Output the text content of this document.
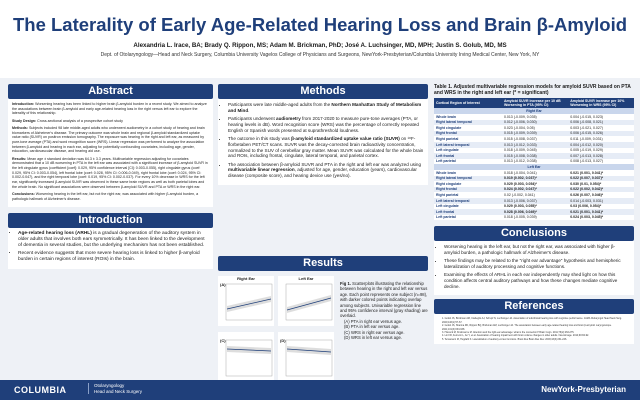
The Laterality of Early Age-Related Hearing Loss and Brain β-Amyloid
Alexandria L. Irace, BA; Brady Q. Rippon, MS; Adam M. Brickman, PhD; José A. Luchsinger, MD, MPH; Justin S. Golub, MD, MS
Dept. of Otolaryngology—Head and Neck Surgery, Columbia University Vagelos College of Physicians and Surgeons, NewYork-Presbyterian/Columbia University Irving Medical Center, New York, NY
Abstract

Introduction: Worsening hearing has been linked to higher brain β-amyloid burden in a recent study. We aimed to analyze the associations between brain β-amyloid and early age-related hearing loss in the right versus left ear to explore the laterality of this relationship.

Study Design: Cross-sectional analysis of a prospective cohort study

Methods: Subjects included 98 late middle-aged adults who underwent audiometry in a cohort study of hearing and brain biomarkers of Alzheimer's disease. The primary outcome was whole brain and regional β-amyloid standardized uptake value ratio (SUVR) on positron emission tomography. The exposure was hearing in the right and left ear, as measured by pure-tone average (PTA) and word recognition score (WRS). Linear regression was performed to analyze the association between β-amyloid and hearing in each ear, adjusting for potentially confounding covariates, including age, gender, education, cardiovascular disease, and hearing aid use.

Results: Mean age ± standard deviation was 64.3 ± 3.3 years. Multivariable regression adjusting for covariates demonstrated that a 10 dB worsening in PTA in the left ear was associated with a significant increase of β-amyloid SUVR in the left cingulate gyrus (coefficient [coef]: 0.029, 95% confidence interval [CI]: 0.003-0.055), right cingulate gyrus (coef: 0.029, 95% CI: 0.003-0.054), left frontal lobe (coef: 0.028, 95% CI: 0.006-0.049), right frontal lobe (coef: 0.024, 95% CI: 0.002-0.047), and the right temporal lobe (coef: 0.019, 95% CI: 0.002-0.037). For every 10% decrease in WRS for the left ear, significantly increased β-amyloid SUVR was observed in these same brain regions as well as both parietal lobes and the whole brain. No significant associations were observed between β-amyloid SUVR and PTA or WRS in the right ear.

Conclusions: Worsening hearing in the left ear, but not the right ear, was associated with higher β-amyloid burden, a pathologic hallmark of Alzheimer's disease.

Introduction
• Age-related hearing loss (ARHL) is a gradual degeneration of the auditory system in older adults that involves both ears symmetrically. It has been linked to the development of dementia in several studies, but the underlying mechanism has not been established.
• Recent evidence suggests that more severe hearing loss is linked to higher β-amyloid burden in certain regions of interest (ROIs) in the brain.
Methods
• Participants were late middle-aged adults from the Northern Manhattan Study of Metabolism and Mind.
• Participants underwent audiometry from 2017-2020 to measure pure-tone averages (PTA, or hearing levels in dB). Word recognition score (WRS) was the percentage of correctly repeated English or Spanish words presented at suprathreshold loudness.
• The outcome in this study was β-amyloid standardized uptake value ratio (SUVR) on ¹⁸F-florbetaben PET/CT scans. SUVR was the decay-corrected brain radioactivity concentration, normalized to the SUV of cerebellar gray matter. Mean SUVR was calculated for the whole brain and ROIs, including frontal, cingulate, lateral temporal, and parietal cortex.
• The association between β-amyloid SUVR and PTA in the right and left ear was analyzed using multivariable linear regression, adjusted for age, gender, education (years), cardiovascular disease (composite score), and hearing device use (yes/no).
Results
(A)
Right Ear	Left Ear
(C)	(D)
Fig 1. Scatterplots illustrating the relationship between hearing in the right and left ear versus age. Each point represents one subject (n=98), with darker colored points indicating overlap among subjects. Univariable regression line and 95% confidence interval (gray shading) are overlaid.
(A) PTA in right ear versus age.
(B) PTA in left ear versus age.
(C) WRS in right ear versus age.
(D) WRS in left ear versus age.
Table 1. Adjusted multivariable regression models for amyloid SUVR based on PTA and WRS in the right and left ear (* = significant)
Cortical Region of Interest	Amyloid SUVR increase per 10 dB Worsening in PTA (95% CI)	Amyloid SUVR increase per 10% Worsening in WRS (95% CI)
Right Ear		
Whole brain	0.013 (-0.009, 0.035)	0.004 (-0.015, 0.023)
Right lateral temporal	0.012 (-0.006, 0.030)	0.006 (-0.008, 0.021)
Right cingulate	0.023 (-0.004, 0.05)	0.003 (-0.021, 0.027)
Right frontal	0.015 (-0.009, 0.039)	0.006 (-0.015, 0.026)
Right parietal	0.015 (-0.008, 0.037)	0.011 (-0.009, 0.031)
Left lateral temporal	0.013 (-0.012, 0.033)	0.004 (-0.012, 0.020)
Left cingulate	0.018 (-0.009, 0.045)	0.005 (-0.019, 0.029)
Left frontal	0.015 (-0.008, 0.038)	0.007 (-0.013, 0.028)
Left parietal	0.013 (-0.012, 0.038)	0.008 (-0.013, 0.027)
Left Ear		
Whole brain	0.018 (-0.004, 0.041)	0.021 (0.001, 0.041)*
Right lateral temporal	0.019 (0.002, 0.037)*	0.022 (0.007, 0.037)*
Right cingulate	0.029 (0.003, 0.054)*	0.030 (0.01, 0.054)*
Right frontal	0.024 (0.002, 0.047)*	0.022 (0.002, 0.042)*
Right parietal	0.02 (-0.002, 0.041)	0.026 (0.007, 0.046)*
Left lateral temporal	0.013 (-0.006, 0.037)	0.014 (-0.003, 0.031)
Left cingulate	0.029 (0.003, 0.055)*	0.03 (0.006, 0.054)*
Left frontal	0.028 (0.006, 0.049)*	0.021 (0.001, 0.041)*
Left parietal	0.018 (-0.005, 0.039)	0.024 (0.003, 0.045)*
Conclusions
• Worsening hearing in the left ear, but not the right ear, was associated with higher β-amyloid burden, a pathologic hallmark of Alzheimer's disease.
• These findings may be related to the "right ear advantage" hypothesis and hemispheric lateralization of auditory processing and cognitive functions.
• Examining the effects of ARHL in each ear independently may shed light on how this condition affects central auditory pathways and how these changes mediate cognitive decline.
References
1. Golub JS, Brickman AM, Ciarleglio AJ, Schupf N, Luchsinger JA. Association of subclinical hearing loss with cognitive performance. JAMA Otolaryngol Head Neck Surg. 2020;146(1):57-67.
2. Golub JS, Sharma RK, Rippon BQ, Brickman AM, Luchsinger JA. The association between early age-related hearing loss and brain β-amyloid. Laryngoscope. 2021;131(3):633-638.
3. Hiscock M, Kinsbourne M. Attention and the right-ear advantage: what is the connection? Brain Cogn. 2011;76(2):263-275.
4. Lin FR, Ferrucci L, An Y, et al. Association of hearing impairment with brain volume changes in older adults. Neuroimage. 2014;90:84-92.
5. Tervaniemi M, Hugdahl K. Lateralization of auditory-cortex functions. Brain Res Brain Res Rev. 2003;43(3):231-246.
COLUMBIA	Otolaryngology
Head and Neck Surgery	NewYork-Presbyterian
